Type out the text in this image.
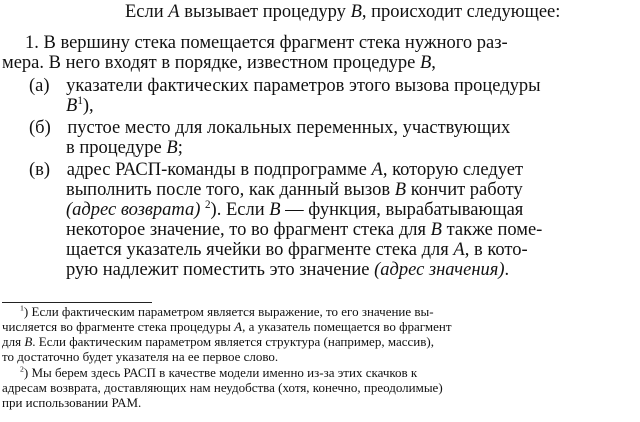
Если A вызывает процедуру B, происходит следующее:
1. В вершину стека помещается фрагмент стека нужного раз-
мера. В него входят в порядке, известном процедуре B,
(а) указатели фактических параметров этого вызова процедуры
$B^1$),
(б) пустое место для локальных переменных, участвующих
в процедуре B;
(в) адрес РАСП-команды в подпрограмме A, которую следует
выполнить после того, как данный вызов B кончит работу
(адрес возврата) $^2$). Если B — функция, вырабатывающая
некоторое значение, то во фрагмент стека для B также поме-
щается указатель ячейки во фрагменте стека для A, в кото-
рую надлежит поместить это значение (адрес значения).
$^1$) Если фактическим параметром является выражение, то его значение вы-
числяется во фрагменте стека процедуры A, а указатель помещается во фрагмент
для B. Если фактическим параметром является структура (например, массив),
то достаточно будет указателя на ее первое слово.
$^2$) Мы берем здесь РАСП в качестве модели именно из-за этих скачков к
адресам возврата, доставляющих нам неудобства (хотя, конечно, преодолимые)
при использовании РАМ.
